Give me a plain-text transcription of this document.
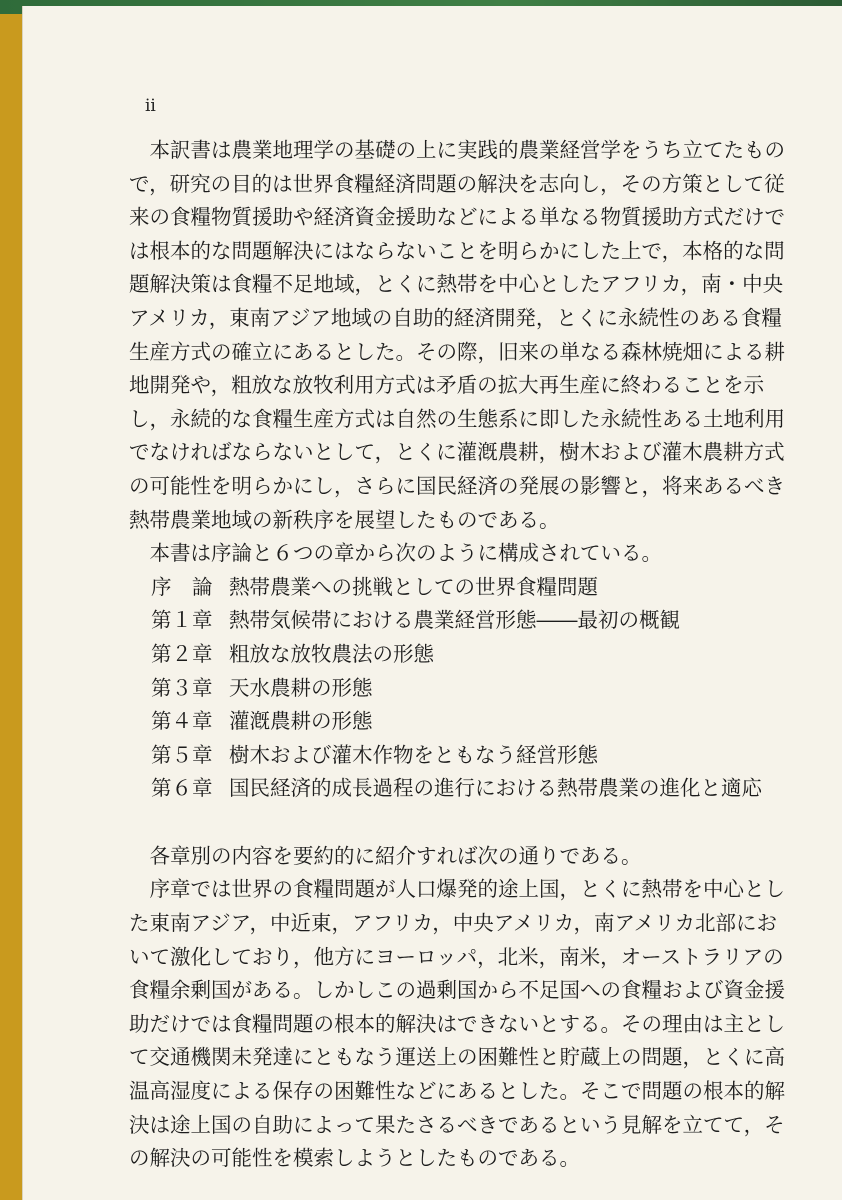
ii

本訳書は農業地理学の基礎の上に実践的農業経営学をうち立てたもので，研究の目的は世界食糧経済問題の解決を志向し，その方策として従来の食糧物質援助や経済資金援助などによる単なる物質援助方式だけでは根本的な問題解決にはならないことを明らかにした上で，本格的な問題解決策は食糧不足地域，とくに熱帯を中心としたアフリカ，南・中央アメリカ，東南アジア地域の自助的経済開発，とくに永続性のある食糧生産方式の確立にあるとした。その際，旧来の単なる森林焼畑による耕地開発や，粗放な放牧利用方式は矛盾の拡大再生産に終わることを示し，永続的な食糧生産方式は自然の生態系に即した永続性ある土地利用でなければならないとして，とくに灌漑農耕，樹木および灌木農耕方式の可能性を明らかにし，さらに国民経済の発展の影響と，将来あるべき熱帯農業地域の新秩序を展望したものである。

本書は序論と６つの章から次のように構成されている。

序　論 熱帯農業への挑戦としての世界食糧問題
第１章 熱帯気候帯における農業経営形態――最初の概観
第２章 粗放な放牧農法の形態
第３章 天水農耕の形態
第４章 灌漑農耕の形態
第５章 樹木および灌木作物をともなう経営形態
第６章 国民経済的成長過程の進行における熱帯農業の進化と適応

各章別の内容を要約的に紹介すれば次の通りである。

序章では世界の食糧問題が人口爆発的途上国，とくに熱帯を中心とした東南アジア，中近東，アフリカ，中央アメリカ，南アメリカ北部において激化しており，他方にヨーロッパ，北米，南米，オーストラリアの食糧余剰国がある。しかしこの過剰国から不足国への食糧および資金援助だけでは食糧問題の根本的解決はできないとする。その理由は主として交通機関未発達にともなう運送上の困難性と貯蔵上の問題，とくに高温高湿度による保存の困難性などにあるとした。そこで問題の根本的解決は途上国の自助によって果たさるべきであるという見解を立てて，その解決の可能性を模索しようとしたものである。
